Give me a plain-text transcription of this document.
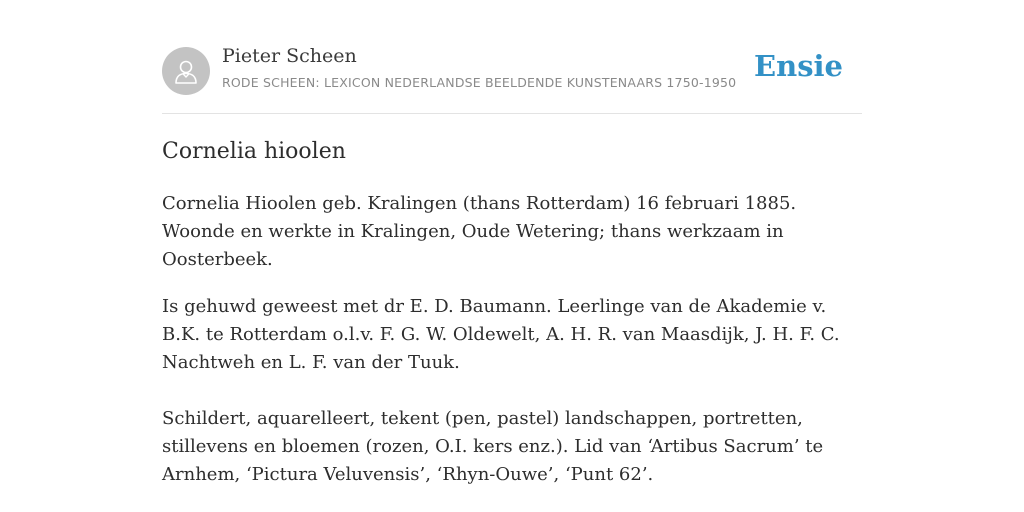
Pieter Scheen
RODE SCHEEN: LEXICON NEDERLANDSE BEELDENDE KUNSTENAARS 1750-1950 Ensie
Cornelia hioolen

Cornelia Hioolen geb. Kralingen (thans Rotterdam) 16 februari 1885. Woonde en werkte in Kralingen, Oude Wetering; thans werkzaam in Oosterbeek.

Is gehuwd geweest met dr E. D. Baumann. Leerlinge van de Akademie v. B.K. te Rotterdam o.l.v. F. G. W. Oldewelt, A. H. R. van Maasdijk, J. H. F. C. Nachtweh en L. F. van der Tuuk.

Schildert, aquarelleert, tekent (pen, pastel) landschappen, portretten, stillevens en bloemen (rozen, O.I. kers enz.). Lid van ‘Artibus Sacrum’ te Arnhem, ‘Pictura Veluvensis’, ‘Rhyn-Ouwe’, ‘Punt 62’.
